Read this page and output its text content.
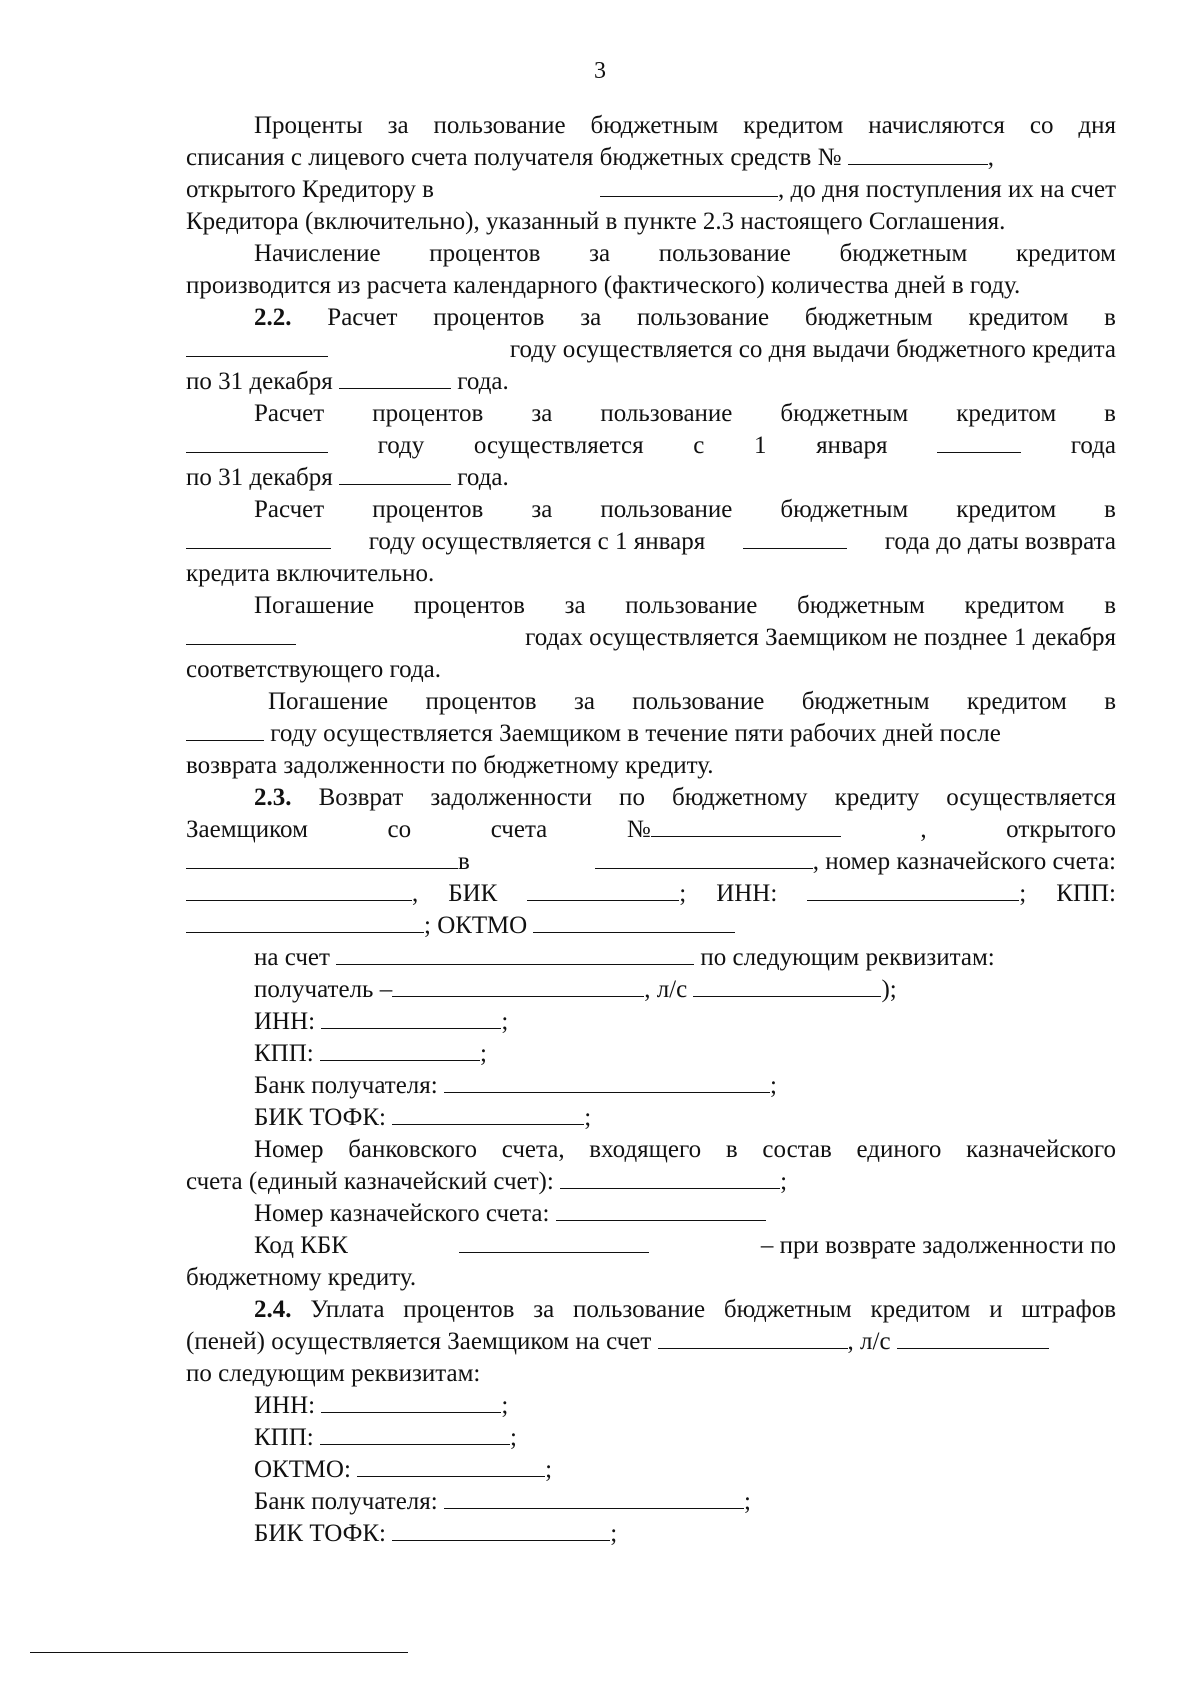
3

Проценты за пользование бюджетным кредитом начисляются со дня

списания с лицевого счета получателя бюджетных средств №	,

открытого Кредитору в	, до дня поступления их на счет

Кредитора (включительно), указанный в пункте 2.3 настоящего Соглашения.

Начисление процентов за пользование бюджетным кредитом

производится из расчета календарного (фактического) количества дней в году.

2.2. Расчет процентов за пользование бюджетным кредитом в

году осуществляется со дня выдачи бюджетного кредита

по 31 декабря	года.

Расчет процентов за пользование бюджетным кредитом в

году осуществляется с 1 января	года

по 31 декабря	года.

Расчет процентов за пользование бюджетным кредитом в

году осуществляется с 1 января	года до даты возврата

кредита включительно.

Погашение процентов за пользование бюджетным кредитом в

годах осуществляется Заемщиком не позднее 1 декабря

соответствующего года.

Погашение процентов за пользование бюджетным кредитом в

году осуществляется Заемщиком в течение пяти рабочих дней после

возврата задолженности по бюджетному кредиту.

2.3. Возврат задолженности по бюджетному кредиту осуществляется

Заемщиком	со	счета	№	,	открытого

в	, номер казначейского счета:

, БИК	; ИНН:	; КПП:

; ОКТМО

на счет	по следующим реквизитам:

получатель –	, л/с	);

ИНН:	;

КПП:	;

Банк получателя:	;

БИК ТОФК:	;

Номер банковского счета, входящего в состав единого казначейского

счета (единый казначейский счет):	;

Номер казначейского счета:

Код КБК	– при возврате задолженности по

бюджетному кредиту.

2.4. Уплата процентов за пользование бюджетным кредитом и штрафов

(пеней) осуществляется Заемщиком на счет	, л/с

по следующим реквизитам:

ИНН:	;

КПП:	;

ОКТМО:	;

Банк получателя:	;

БИК ТОФК:	;
